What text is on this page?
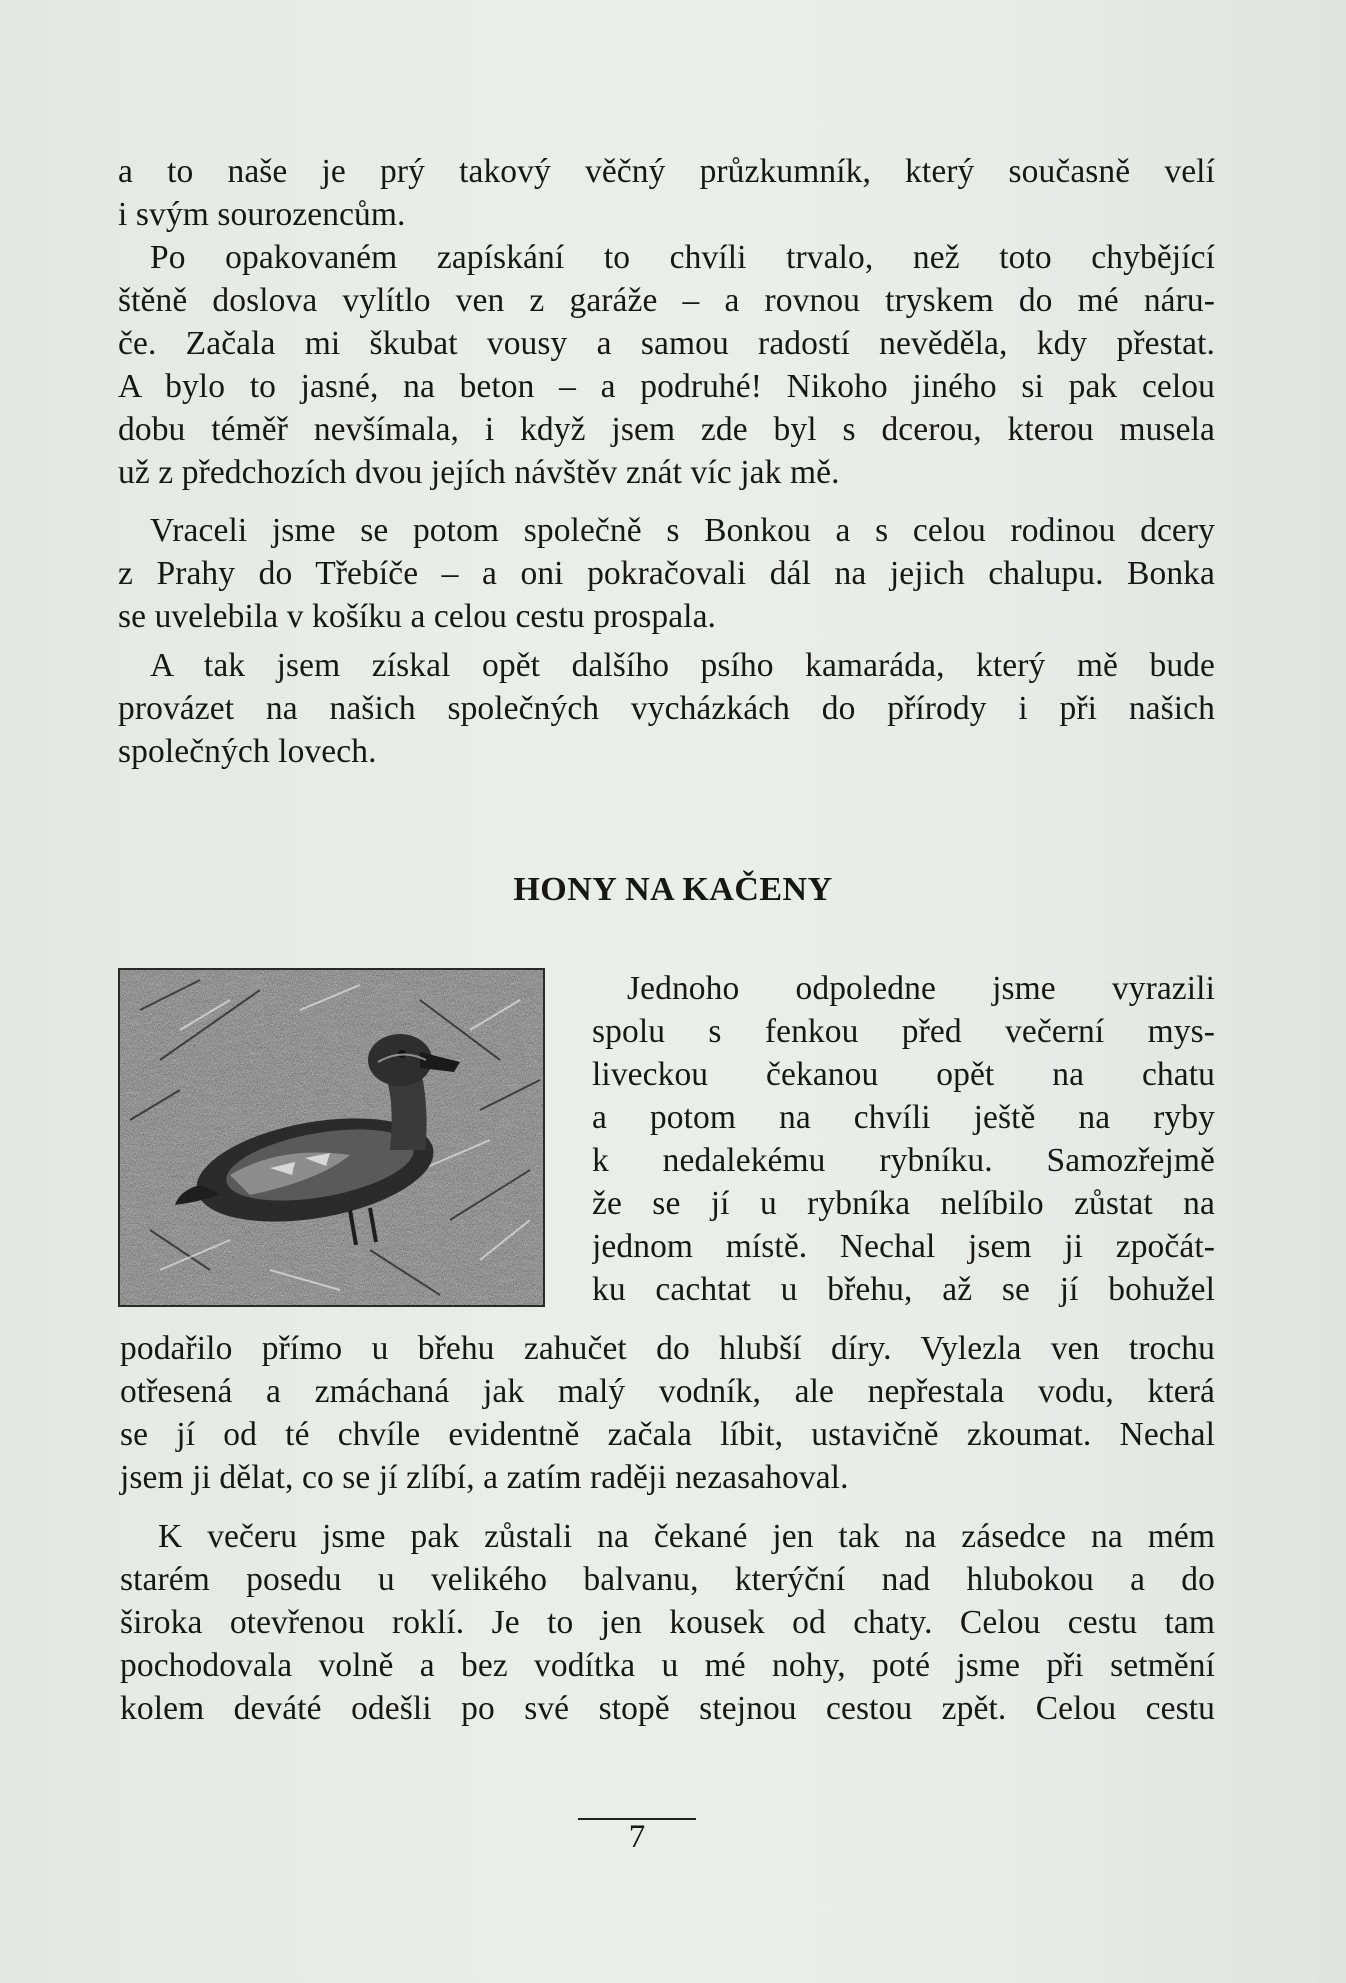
a to naše je prý takový věčný průzkumník, který současně velí
i svým sourozencům.
Po opakovaném zapískání to chvíli trvalo, než toto chybějící
štěně doslova vylítlo ven z garáže – a rovnou tryskem do mé náru-
če. Začala mi škubat vousy a samou radostí nevěděla, kdy přestat.
A bylo to jasné, na beton – a podruhé! Nikoho jiného si pak celou
dobu téměř nevšímala, i když jsem zde byl s dcerou, kterou musela
už z předchozích dvou jejích návštěv znát víc jak mě.
Vraceli jsme se potom společně s Bonkou a s celou rodinou dcery
z Prahy do Třebíče – a oni pokračovali dál na jejich chalupu. Bonka
se uvelebila v košíku a celou cestu prospala.
A tak jsem získal opět dalšího psího kamaráda, který mě bude
provázet na našich společných vycházkách do přírody i při našich
společných lovech.
HONY NA KAČENY
Jednoho odpoledne jsme vyrazili
spolu s fenkou před večerní mys-
liveckou čekanou opět na chatu
a potom na chvíli ještě na ryby
k nedalekému rybníku. Samozřejmě
že se jí u rybníka nelíbilo zůstat na
jednom místě. Nechal jsem ji zpočát-
ku cachtat u břehu, až se jí bohužel
podařilo přímo u břehu zahučet do hlubší díry. Vylezla ven trochu
otřesená a zmáchaná jak malý vodník, ale nepřestala vodu, která
se jí od té chvíle evidentně začala líbit, ustavičně zkoumat. Nechal
jsem ji dělat, co se jí zlíbí, a zatím raději nezasahoval.
K večeru jsme pak zůstali na čekané jen tak na zásedce na mém
starém posedu u velikého balvanu, kterýční nad hlubokou a do
široka otevřenou roklí. Je to jen kousek od chaty. Celou cestu tam
pochodovala volně a bez vodítka u mé nohy, poté jsme při setmění
kolem deváté odešli po své stopě stejnou cestou zpět. Celou cestu
7
